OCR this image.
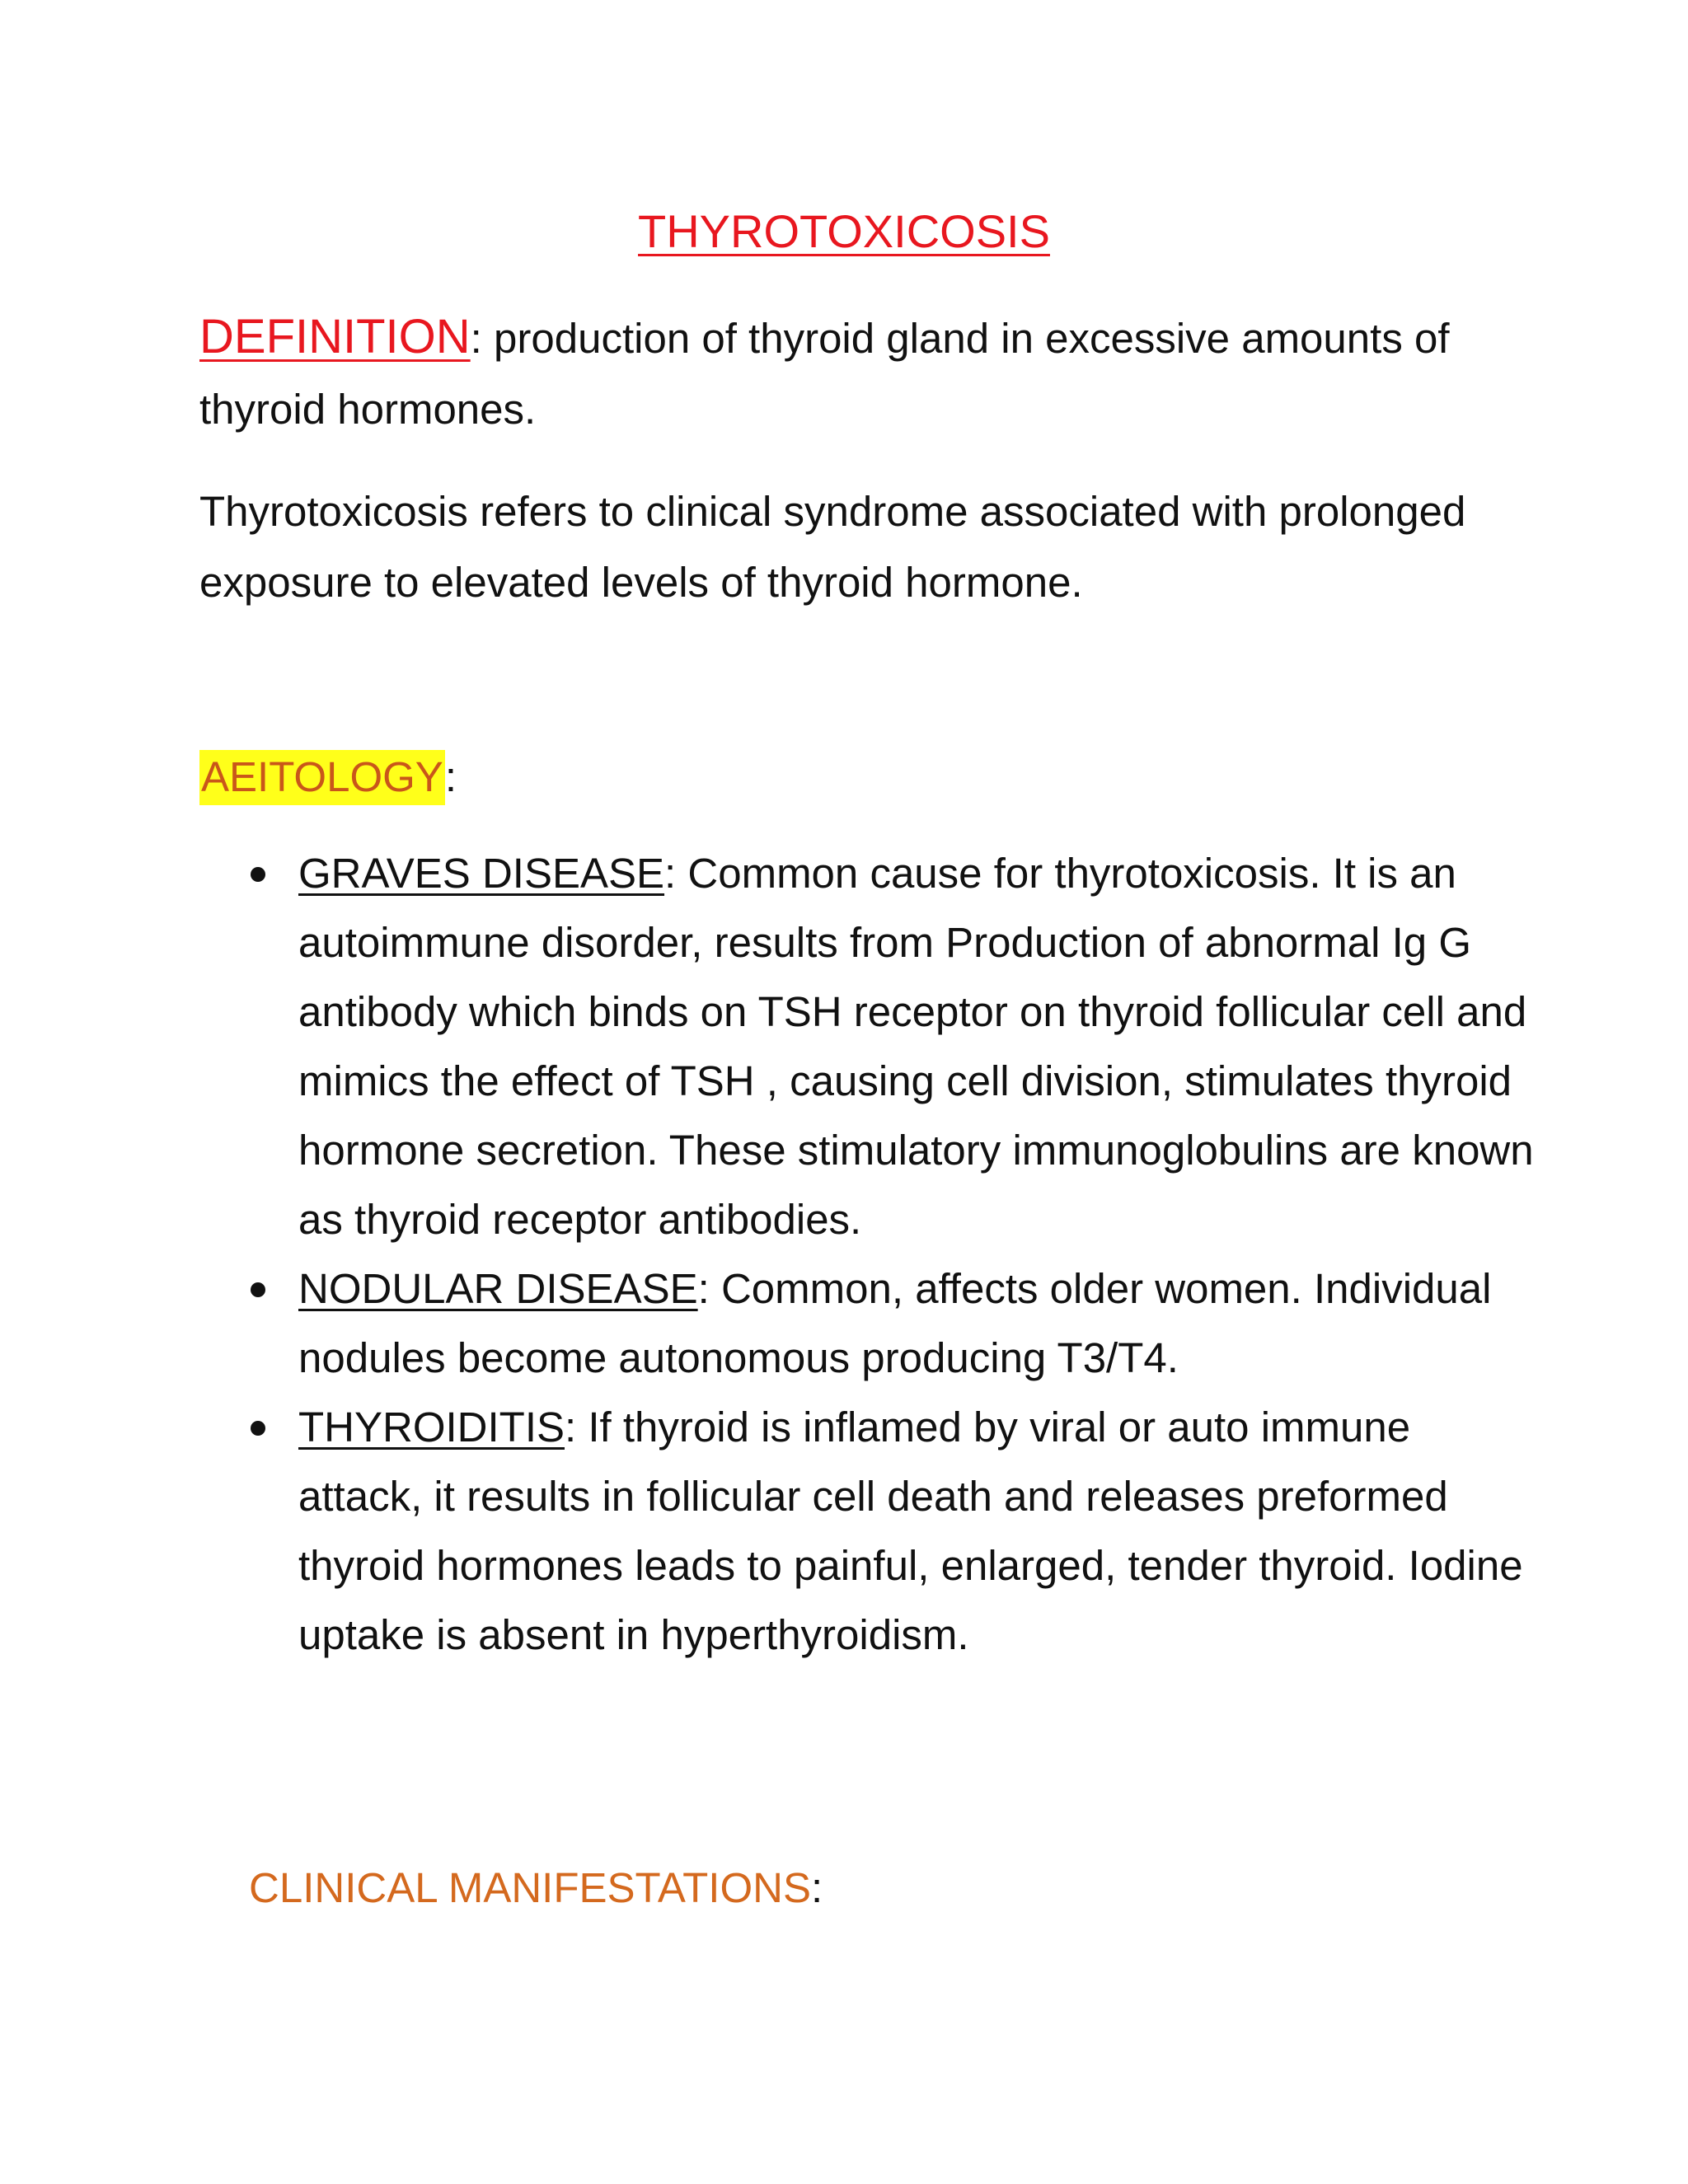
THYROTOXICOSIS

DEFINITION: production of thyroid gland in excessive amounts of thyroid hormones.

Thyrotoxicosis refers to clinical syndrome associated with prolonged exposure to elevated levels of thyroid hormone.

AEITOLOGY:

GRAVES DISEASE: Common cause for thyrotoxicosis. It is an autoimmune disorder, results from Production of abnormal Ig G antibody which binds on TSH receptor on thyroid follicular cell and mimics the effect of TSH , causing cell division, stimulates thyroid hormone secretion. These stimulatory immunoglobulins are known as thyroid receptor antibodies.
NODULAR DISEASE: Common, affects older women. Individual nodules become autonomous producing T3/T4.
THYROIDITIS: If thyroid is inflamed by viral or auto immune attack, it results in follicular cell death and releases preformed thyroid hormones leads to painful, enlarged, tender thyroid. Iodine uptake is absent in hyperthyroidism.

CLINICAL MANIFESTATIONS:
